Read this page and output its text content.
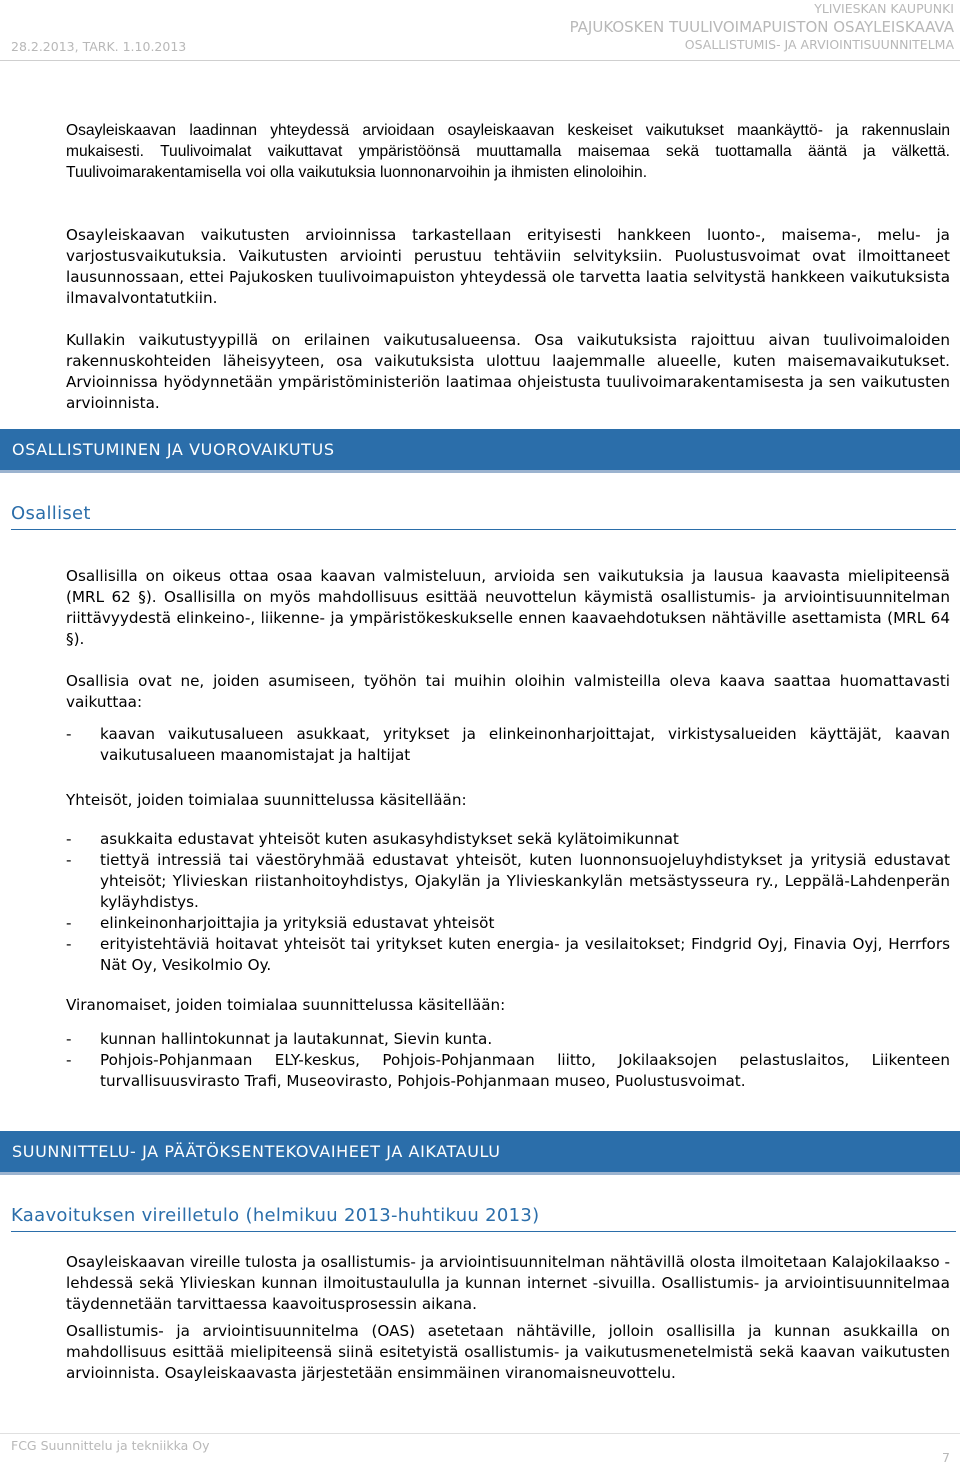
28.2.2013, TARK. 1.10.2013
YLIVIESKAN KAUPUNKI
PAJUKOSKEN TUULIVOIMAPUISTON OSAYLEISKAAVA
OSALLISTUMIS- JA ARVIOINTISUUNNITELMA
Osayleiskaavan laadinnan yhteydessä arvioidaan osayleiskaavan keskeiset vaikutukset maankäyttö- ja rakennuslain mukaisesti. Tuulivoimalat vaikuttavat ympäristöönsä muuttamalla maisemaa sekä tuottamalla ääntä ja välkettä. Tuulivoimarakentamisella voi olla vaikutuksia luonnonarvoihin ja ihmisten elinoloihin.
Osayleiskaavan vaikutusten arvioinnissa tarkastellaan erityisesti hankkeen luonto-, maisema-, melu- ja varjostusvaikutuksia. Vaikutusten arviointi perustuu tehtäviin selvityksiin. Puolustusvoimat ovat ilmoittaneet lausunnossaan, ettei Pajukosken tuulivoimapuiston yhteydessä ole tarvetta laatia selvitystä hankkeen vaikutuksista ilmavalvontatutkiin.
Kullakin vaikutustyypillä on erilainen vaikutusalueensa. Osa vaikutuksista rajoittuu aivan tuulivoimaloiden rakennuskohteiden läheisyyteen, osa vaikutuksista ulottuu laajemmalle alueelle, kuten maisemavaikutukset. Arvioinnissa hyödynnetään ympäristöministeriön laatimaa ohjeistusta tuulivoimarakentamisesta ja sen vaikutusten arvioinnista.
OSALLISTUMINEN JA VUOROVAIKUTUS
Osalliset
Osallisilla on oikeus ottaa osaa kaavan valmisteluun, arvioida sen vaikutuksia ja lausua kaavasta mielipiteensä (MRL 62 §). Osallisilla on myös mahdollisuus esittää neuvottelun käymistä osallistumis- ja arviointisuunnitelman riittävyydestä elinkeino-, liikenne- ja ympäristökeskukselle ennen kaavaehdotuksen nähtäville asettamista (MRL 64 §).
Osallisia ovat ne, joiden asumiseen, työhön tai muihin oloihin valmisteilla oleva kaava saattaa huomattavasti vaikuttaa:
- kaavan vaikutusalueen asukkaat, yritykset ja elinkeinonharjoittajat, virkistysalueiden käyttäjät, kaavan vaikutusalueen maanomistajat ja haltijat
Yhteisöt, joiden toimialaa suunnittelussa käsitellään:
- asukkaita edustavat yhteisöt kuten asukasyhdistykset sekä kylätoimikunnat
- tiettyä intressiä tai väestöryhmää edustavat yhteisöt, kuten luonnonsuojeluyhdistykset ja yritysiä edustavat yhteisöt; Ylivieskan riistanhoitoyhdistys, Ojakylän ja Ylivieskankylän metsästysseura ry., Leppälä-Lahdenperän kyläyhdistys.
- elinkeinonharjoittajia ja yrityksiä edustavat yhteisöt
- erityistehtäviä hoitavat yhteisöt tai yritykset kuten energia- ja vesilaitokset; Findgrid Oyj, Finavia Oyj, Herrfors Nät Oy, Vesikolmio Oy.
Viranomaiset, joiden toimialaa suunnittelussa käsitellään:
- kunnan hallintokunnat ja lautakunnat, Sievin kunta.
- Pohjois-Pohjanmaan ELY-keskus, Pohjois-Pohjanmaan liitto, Jokilaaksojen pelastuslaitos, Liikenteen turvallisuusvirasto Trafi, Museovirasto, Pohjois-Pohjanmaan museo, Puolustusvoimat.
SUUNNITTELU- JA PÄÄTÖKSENTEKOVAIHEET JA AIKATAULU
Kaavoituksen vireilletulo (helmikuu 2013-huhtikuu 2013)
Osayleiskaavan vireille tulosta ja osallistumis- ja arviointisuunnitelman nähtävillä olosta ilmoitetaan Kalajokilaakso -lehdessä sekä Ylivieskan kunnan ilmoitustaululla ja kunnan internet -sivuilla. Osallistumis- ja arviointisuunnitelmaa täydennetään tarvittaessa kaavoitusprosessin aikana.
Osallistumis- ja arviointisuunnitelma (OAS) asetetaan nähtäville, jolloin osallisilla ja kunnan asukkailla on mahdollisuus esittää mielipiteensä siinä esitetyistä osallistumis- ja vaikutusmenetelmistä sekä kaavan vaikutusten arvioinnista. Osayleiskaavasta järjestetään ensimmäinen viranomaisneuvottelu.
FCG Suunnittelu ja tekniikka Oy
7
